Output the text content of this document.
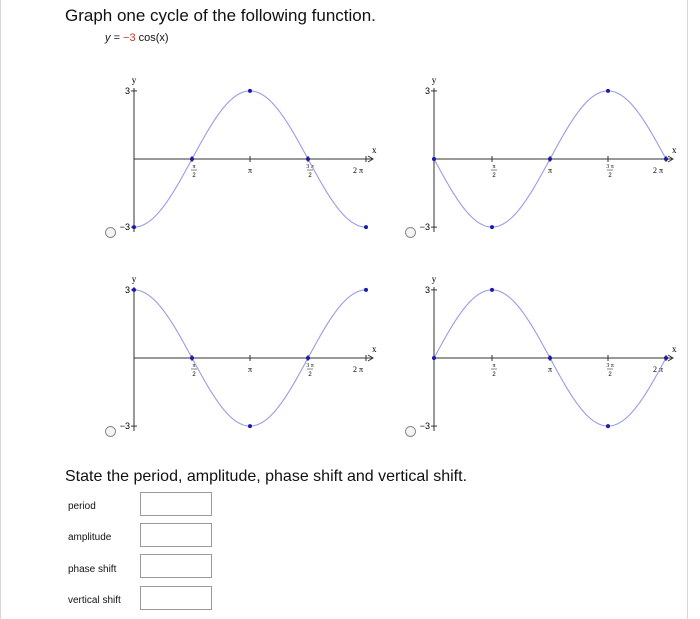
Graph one cycle of the following function.
y = −3 cos(x)
y
3
−3
x
π
2
π	3 π
2
2 π
y
3
−3
x
π
2
π	3 π
2
2 π
y
3
−3
x
π
2
π	3 π
2
2 π
y
3
−3
x
π
2
π	3 π
2
2 π
State the period, amplitude, phase shift and vertical shift.
period
amplitude
phase shift
vertical shift
